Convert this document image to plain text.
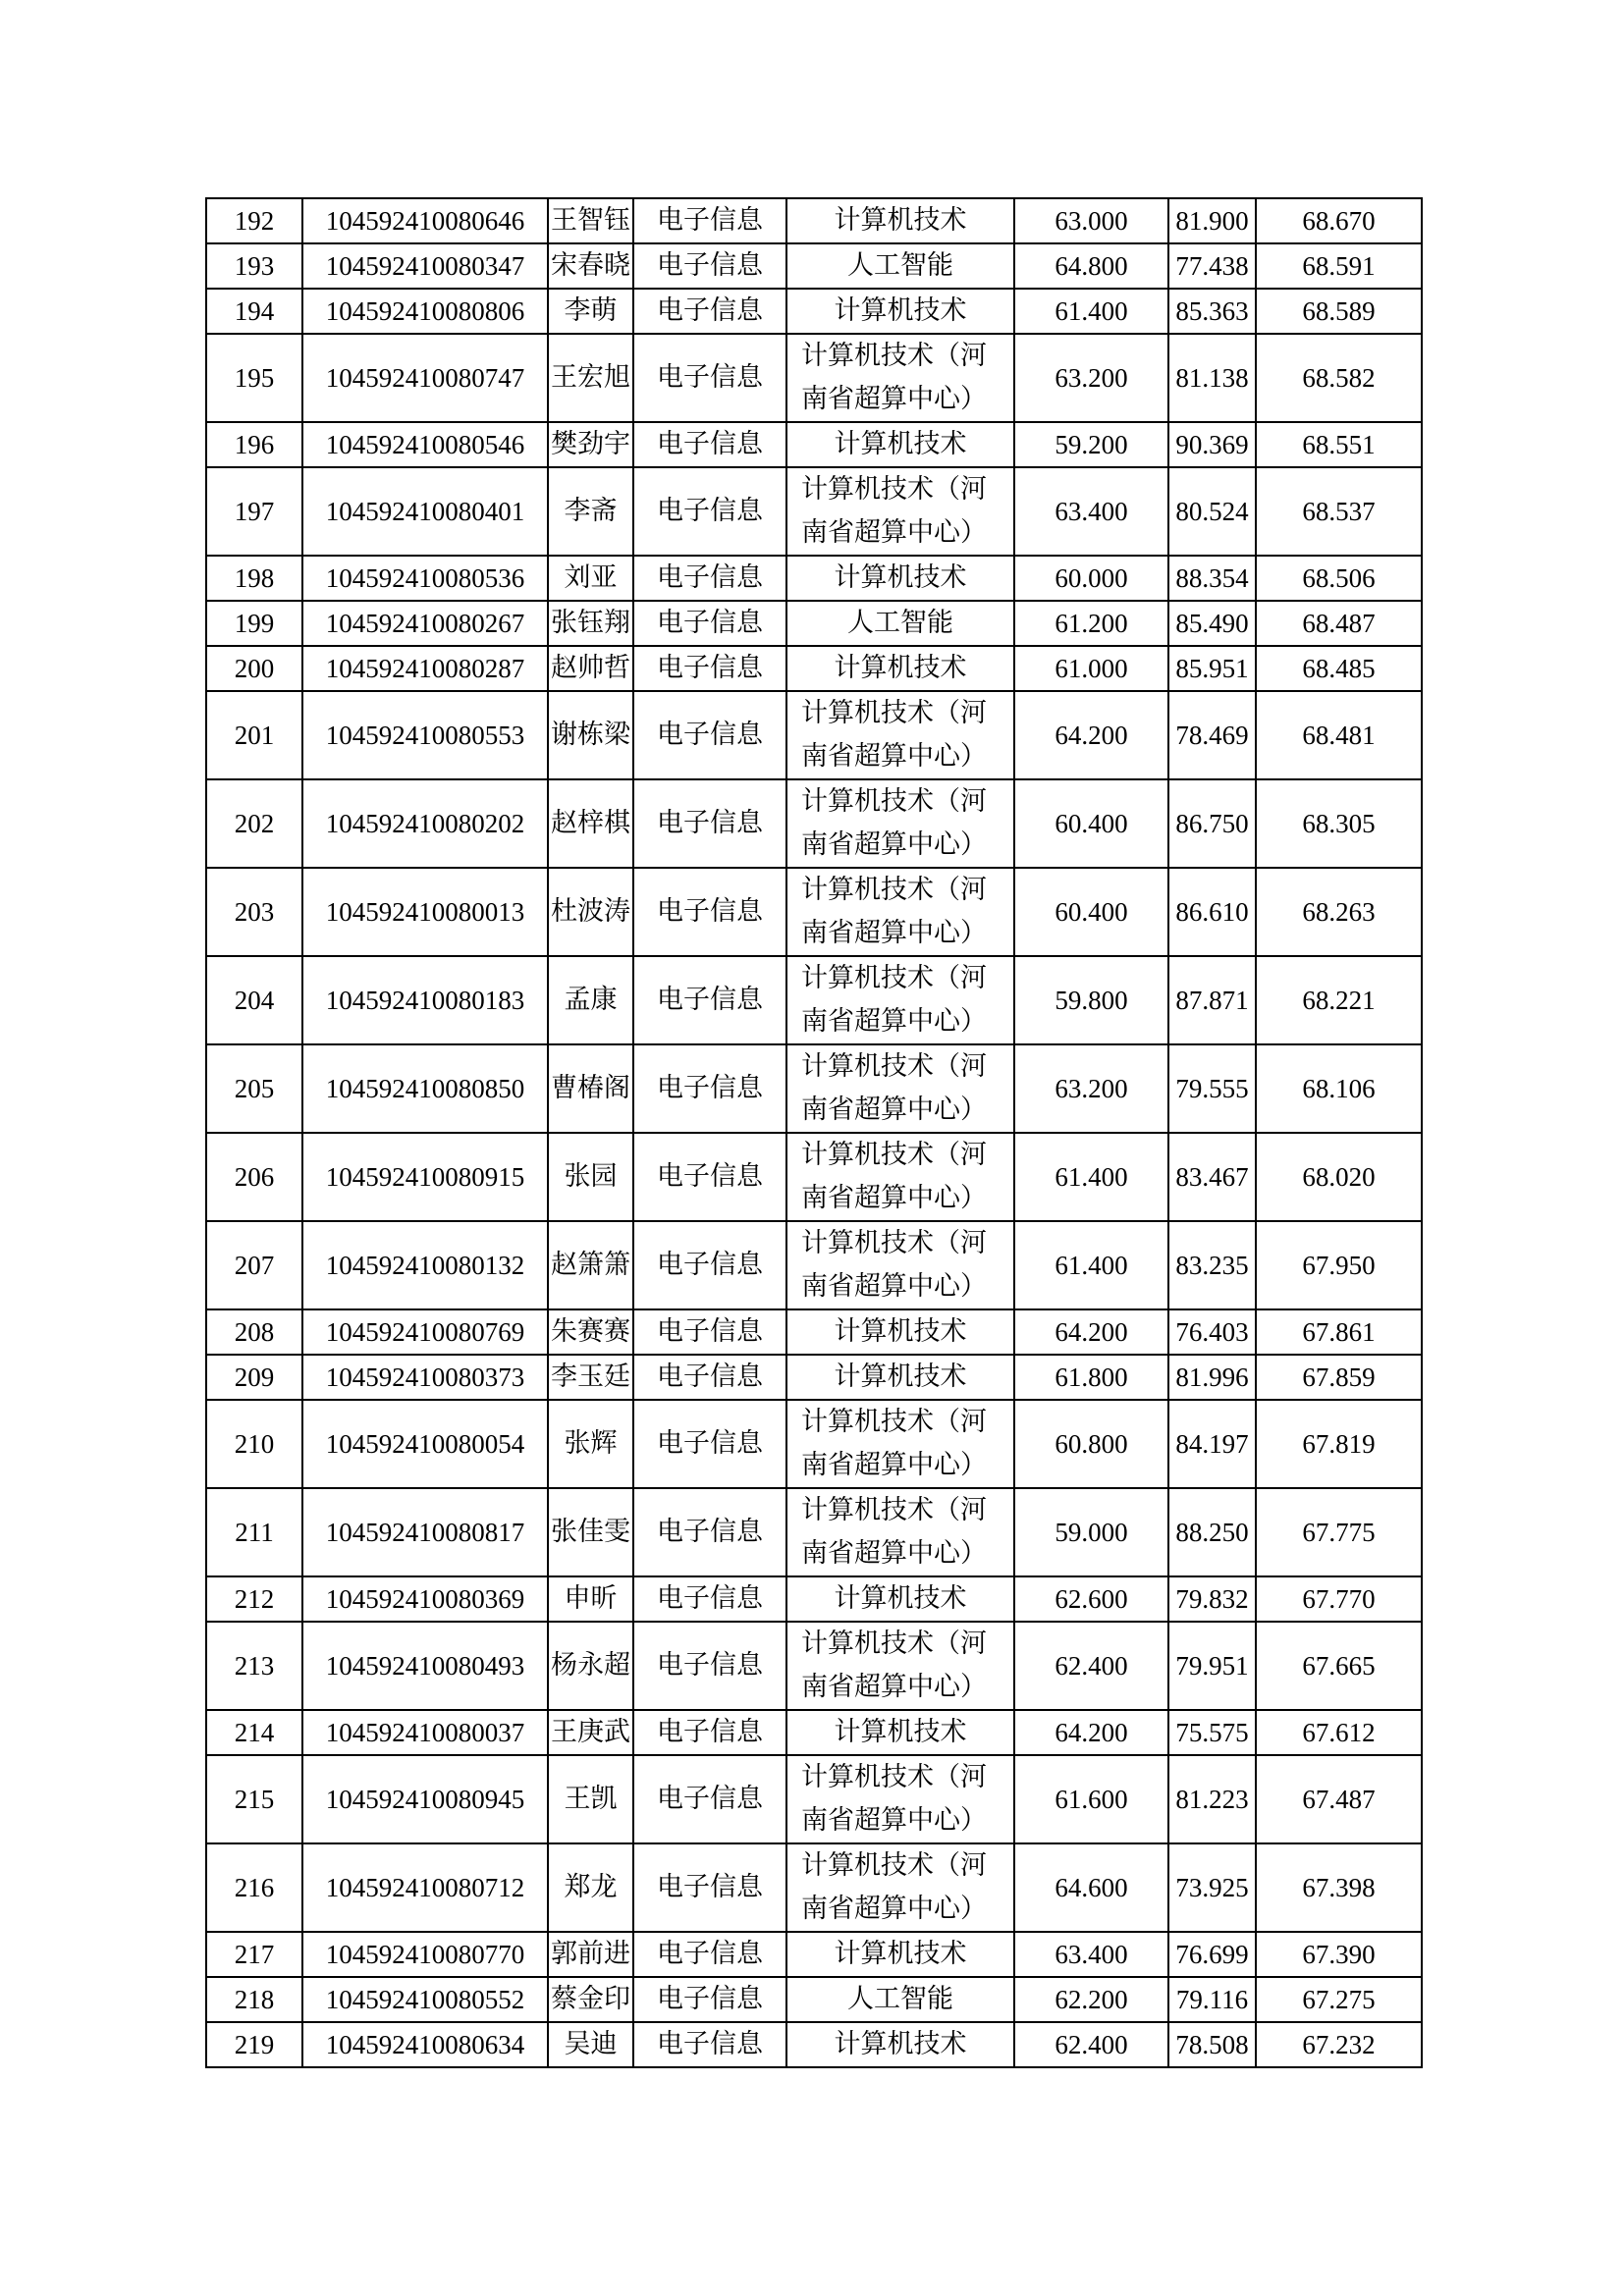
192	104592410080646	王智钰	电子信息	计算机技术	63.000	81.900	68.670
193	104592410080347	宋春晓	电子信息	人工智能	64.800	77.438	68.591
194	104592410080806	李萌	电子信息	计算机技术	61.400	85.363	68.589
195	104592410080747	王宏旭	电子信息	计算机技术（河南省超算中心）	63.200	81.138	68.582
196	104592410080546	樊劲宇	电子信息	计算机技术	59.200	90.369	68.551
197	104592410080401	李斋	电子信息	计算机技术（河南省超算中心）	63.400	80.524	68.537
198	104592410080536	刘亚	电子信息	计算机技术	60.000	88.354	68.506
199	104592410080267	张钰翔	电子信息	人工智能	61.200	85.490	68.487
200	104592410080287	赵帅哲	电子信息	计算机技术	61.000	85.951	68.485
201	104592410080553	谢栋梁	电子信息	计算机技术（河南省超算中心）	64.200	78.469	68.481
202	104592410080202	赵梓棋	电子信息	计算机技术（河南省超算中心）	60.400	86.750	68.305
203	104592410080013	杜波涛	电子信息	计算机技术（河南省超算中心）	60.400	86.610	68.263
204	104592410080183	孟康	电子信息	计算机技术（河南省超算中心）	59.800	87.871	68.221
205	104592410080850	曹椿阁	电子信息	计算机技术（河南省超算中心）	63.200	79.555	68.106
206	104592410080915	张园	电子信息	计算机技术（河南省超算中心）	61.400	83.467	68.020
207	104592410080132	赵箫箫	电子信息	计算机技术（河南省超算中心）	61.400	83.235	67.950
208	104592410080769	朱赛赛	电子信息	计算机技术	64.200	76.403	67.861
209	104592410080373	李玉廷	电子信息	计算机技术	61.800	81.996	67.859
210	104592410080054	张辉	电子信息	计算机技术（河南省超算中心）	60.800	84.197	67.819
211	104592410080817	张佳雯	电子信息	计算机技术（河南省超算中心）	59.000	88.250	67.775
212	104592410080369	申昕	电子信息	计算机技术	62.600	79.832	67.770
213	104592410080493	杨永超	电子信息	计算机技术（河南省超算中心）	62.400	79.951	67.665
214	104592410080037	王庚武	电子信息	计算机技术	64.200	75.575	67.612
215	104592410080945	王凯	电子信息	计算机技术（河南省超算中心）	61.600	81.223	67.487
216	104592410080712	郑龙	电子信息	计算机技术（河南省超算中心）	64.600	73.925	67.398
217	104592410080770	郭前进	电子信息	计算机技术	63.400	76.699	67.390
218	104592410080552	蔡金印	电子信息	人工智能	62.200	79.116	67.275
219	104592410080634	吴迪	电子信息	计算机技术	62.400	78.508	67.232
